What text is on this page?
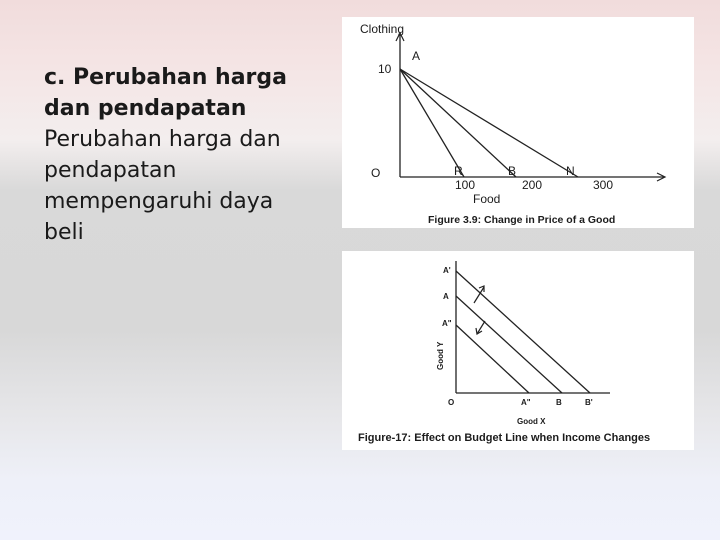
c. Perubahan harga
dan pendapatan

Perubahan harga dan
pendapatan
mempengaruhi daya
beli

Clothing
A
10
O	R	B	N
100	200	300
Food
Figure 3.9: Change in Price of a Good
A'
A
A"
Good Y
O	A"	B	B'
Good X
Figure-17: Effect on Budget Line when Income Changes
